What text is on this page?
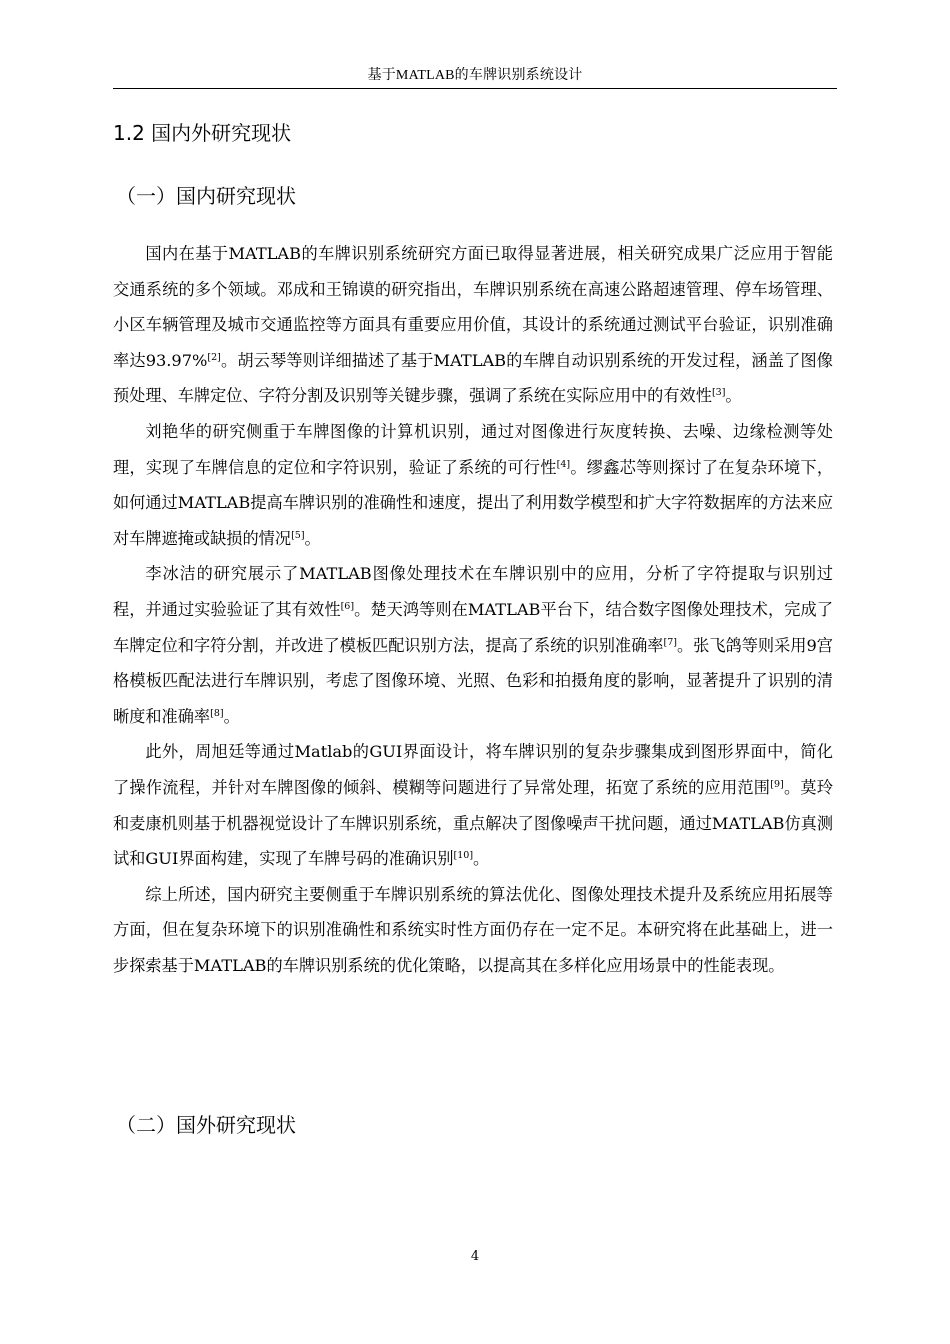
基于MATLAB的车牌识别系统设计
1.2 国内外研究现状
（一）国内研究现状

国内在基于MATLAB的车牌识别系统研究方面已取得显著进展，相关研究成果广泛应用于智能交通系统的多个领域。邓成和王锦谟的研究指出，车牌识别系统在高速公路超速管理、停车场管理、小区车辆管理及城市交通监控等方面具有重要应用价值，其设计的系统通过测试平台验证，识别准确率达93.97%[2]。胡云琴等则详细描述了基于MATLAB的车牌自动识别系统的开发过程，涵盖了图像预处理、车牌定位、字符分割及识别等关键步骤，强调了系统在实际应用中的有效性[3]。

刘艳华的研究侧重于车牌图像的计算机识别，通过对图像进行灰度转换、去噪、边缘检测等处理，实现了车牌信息的定位和字符识别，验证了系统的可行性[4]。缪鑫芯等则探讨了在复杂环境下，如何通过MATLAB提高车牌识别的准确性和速度，提出了利用数学模型和扩大字符数据库的方法来应对车牌遮掩或缺损的情况[5]。

李冰洁的研究展示了MATLAB图像处理技术在车牌识别中的应用，分析了字符提取与识别过程，并通过实验验证了其有效性[6]。楚天鸿等则在MATLAB平台下，结合数字图像处理技术，完成了车牌定位和字符分割，并改进了模板匹配识别方法，提高了系统的识别准确率[7]。张飞鸽等则采用9宫格模板匹配法进行车牌识别，考虑了图像环境、光照、色彩和拍摄角度的影响，显著提升了识别的清晰度和准确率[8]。

此外，周旭廷等通过Matlab的GUI界面设计，将车牌识别的复杂步骤集成到图形界面中，简化了操作流程，并针对车牌图像的倾斜、模糊等问题进行了异常处理，拓宽了系统的应用范围[9]。莫玲和麦康机则基于机器视觉设计了车牌识别系统，重点解决了图像噪声干扰问题，通过MATLAB仿真测试和GUI界面构建，实现了车牌号码的准确识别[10]。

综上所述，国内研究主要侧重于车牌识别系统的算法优化、图像处理技术提升及系统应用拓展等方面，但在复杂环境下的识别准确性和系统实时性方面仍存在一定不足。本研究将在此基础上，进一步探索基于MATLAB的车牌识别系统的优化策略，以提高其在多样化应用场景中的性能表现。

（二）国外研究现状
4
